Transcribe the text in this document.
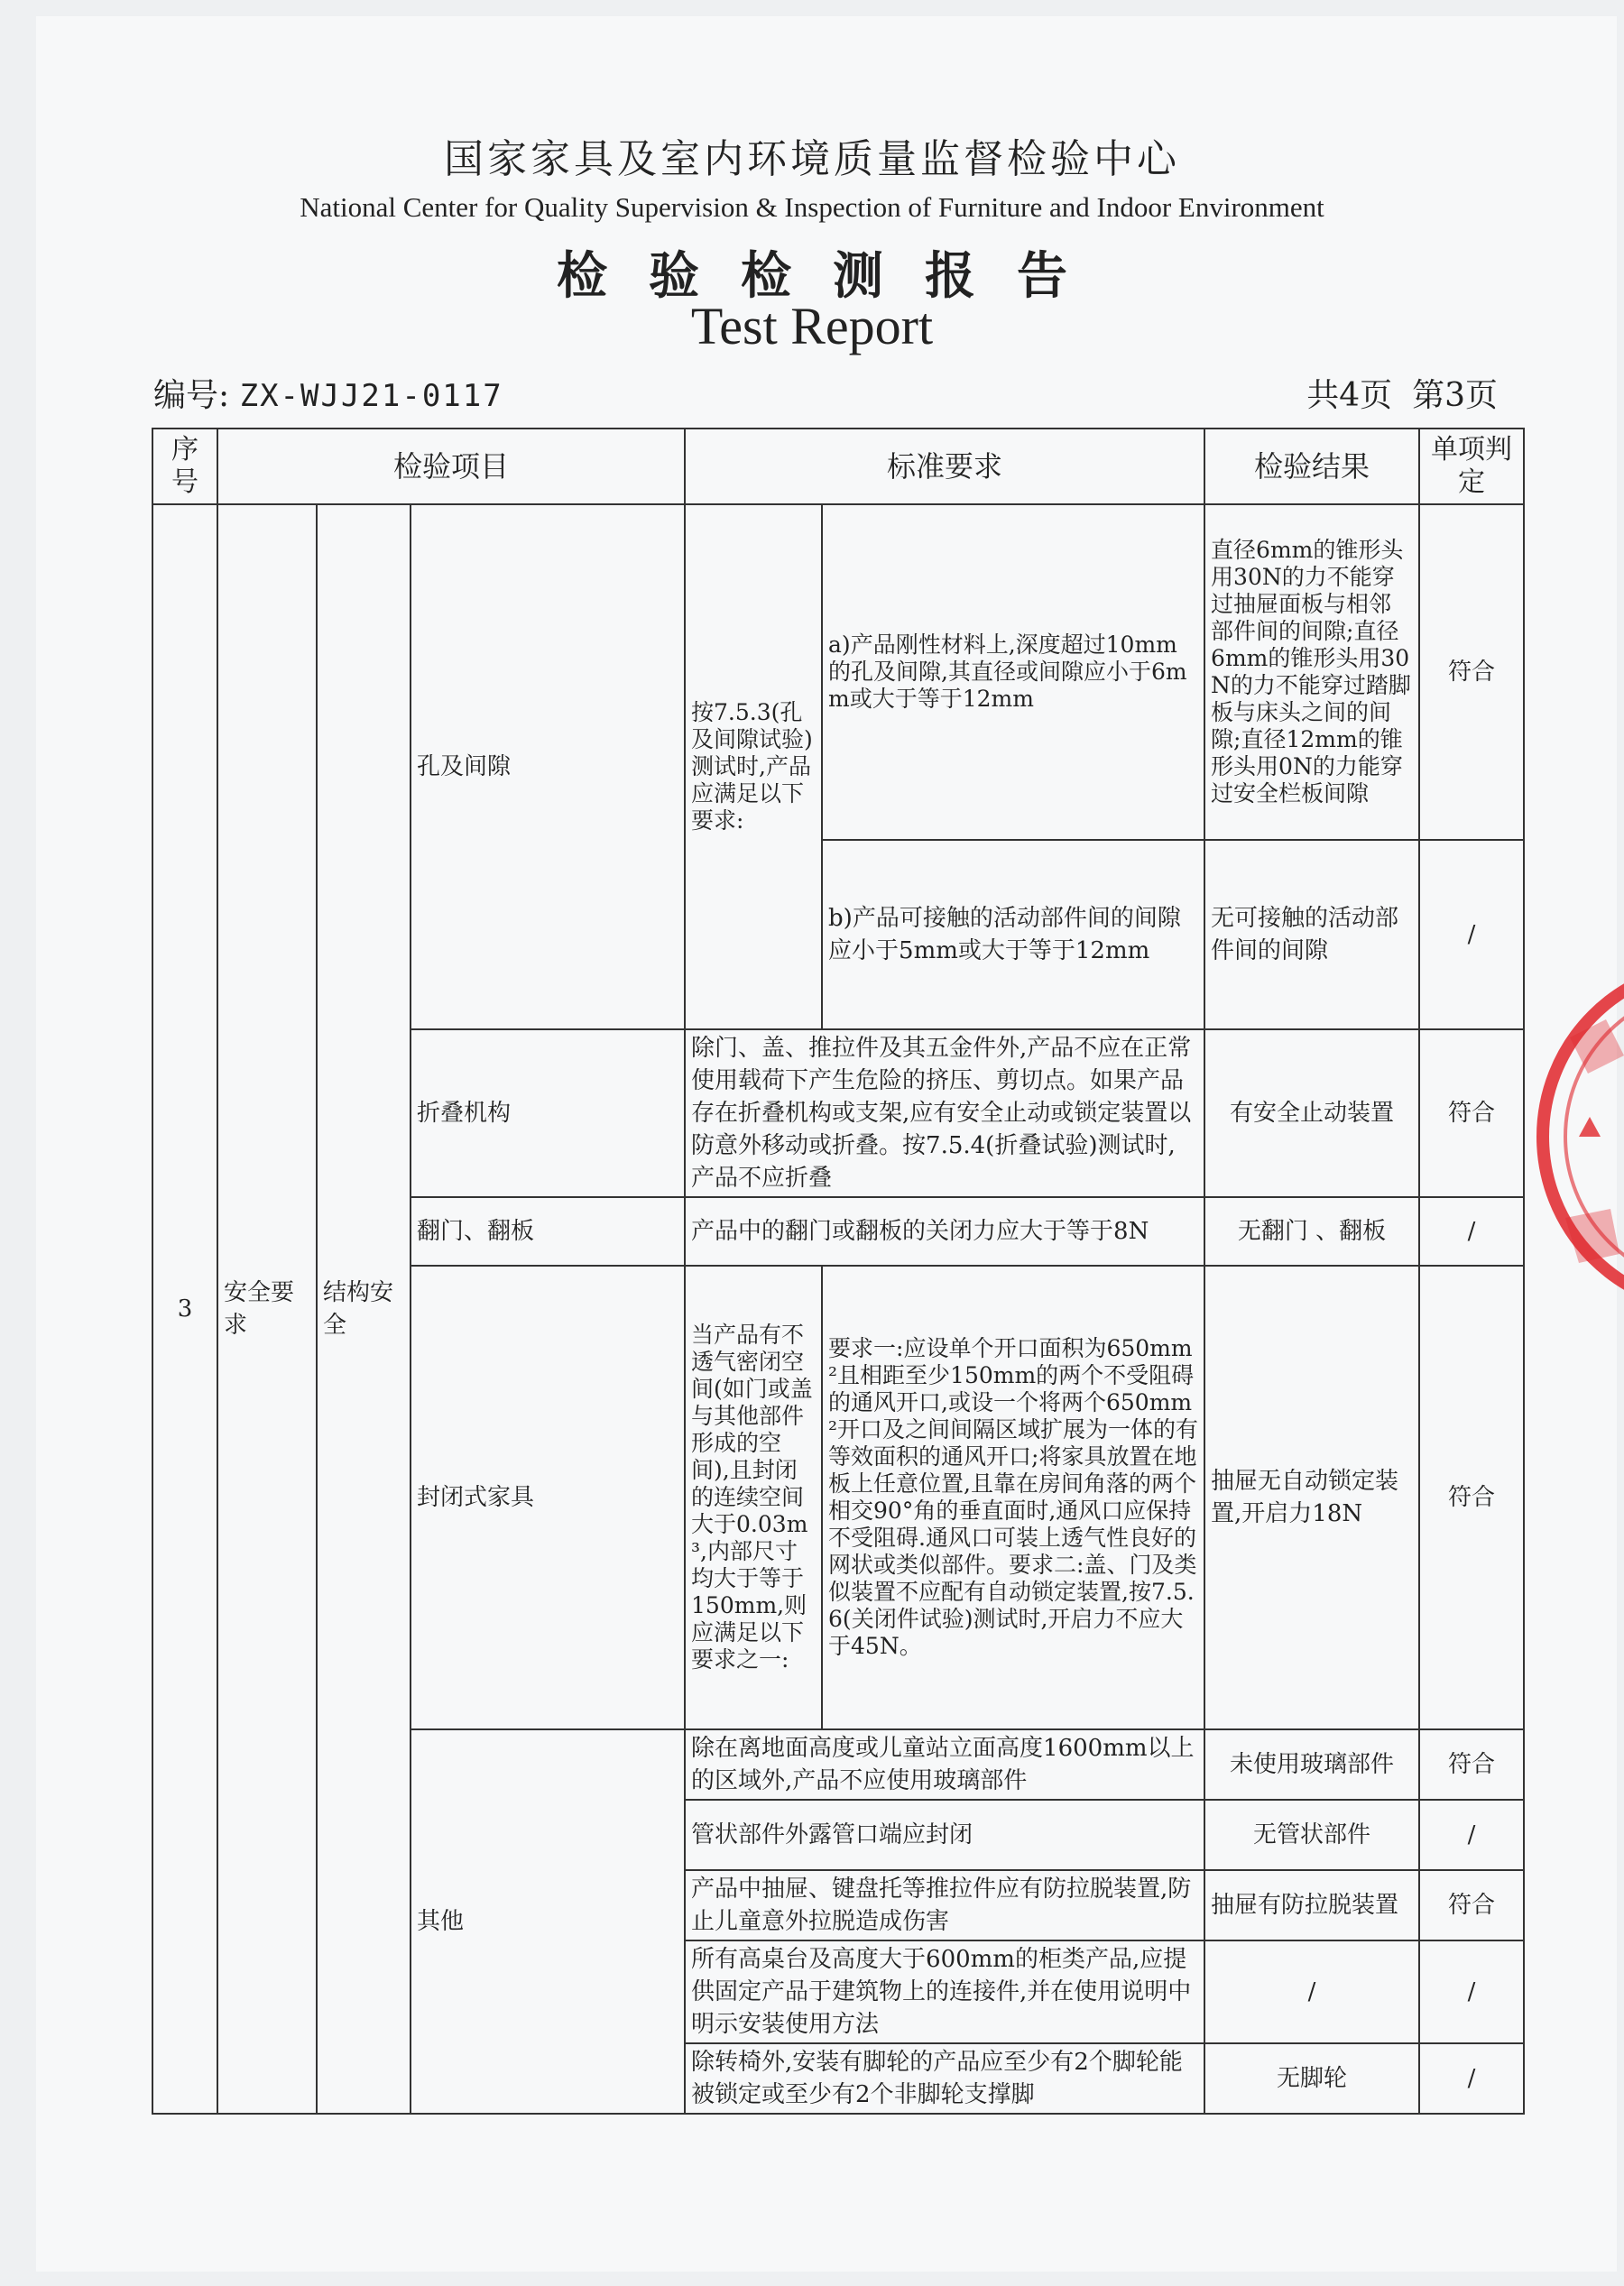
国家家具及室内环境质量监督检验中心
National Center for Quality Supervision & Inspection of Furniture and Indoor Environment
检验检测报告
Test Report
编号: ZX-WJJ21-0117	共4页 第3页
序号	检验项目			标准要求		检验结果	单项判定
3	安全要求	结构安全	孔及间隙	按7.5.3(孔及间隙试验)测试时,产品应满足以下要求:	a)产品刚性材料上,深度超过10mm的孔及间隙,其直径或间隙应小于6mm或大于等于12mm	直径6mm的锥形头用30N的力不能穿过抽屉面板与相邻部件间的间隙;直径6mm的锥形头用30N的力不能穿过踏脚板与床头之间的间隙;直径12mm的锥形头用0N的力能穿过安全栏板间隙	符合
					b)产品可接触的活动部件间的间隙应小于5mm或大于等于12mm	无可接触的活动部件间的间隙	/
			折叠机构	除门、盖、推拉件及其五金件外,产品不应在正常使用载荷下产生危险的挤压、剪切点。如果产品存在折叠机构或支架,应有安全止动或锁定装置以防意外移动或折叠。按7.5.4(折叠试验)测试时,产品不应折叠		有安全止动装置	符合
			翻门、翻板	产品中的翻门或翻板的关闭力应大于等于8N		无翻门 、翻板	/
			封闭式家具	当产品有不透气密闭空间(如门或盖与其他部件形成的空间),且封闭的连续空间大于0.03m³,内部尺寸均大于等于150mm,则应满足以下要求之一:	要求一:应设单个开口面积为650mm²且相距至少150mm的两个不受阻碍的通风开口,或设一个将两个650mm²开口及之间间隔区域扩展为一体的有等效面积的通风开口;将家具放置在地板上任意位置,且靠在房间角落的两个相交90°角的垂直面时,通风口应保持不受阻碍.通风口可装上透气性良好的网状或类似部件。要求二:盖、门及类似装置不应配有自动锁定装置,按7.5.6(关闭件试验)测试时,开启力不应大于45N。	抽屉无自动锁定装置,开启力18N	符合
			其他	除在离地面高度或儿童站立面高度1600mm以上的区域外,产品不应使用玻璃部件		未使用玻璃部件	符合
				管状部件外露管口端应封闭		无管状部件	/
				产品中抽屉、键盘托等推拉件应有防拉脱装置,防止儿童意外拉脱造成伤害		抽屉有防拉脱装置	符合
				所有高桌台及高度大于600mm的柜类产品,应提供固定产品于建筑物上的连接件,并在使用说明中明示安装使用方法		/	/
				除转椅外,安装有脚轮的产品应至少有2个脚轮能被锁定或至少有2个非脚轮支撑脚		无脚轮	/
